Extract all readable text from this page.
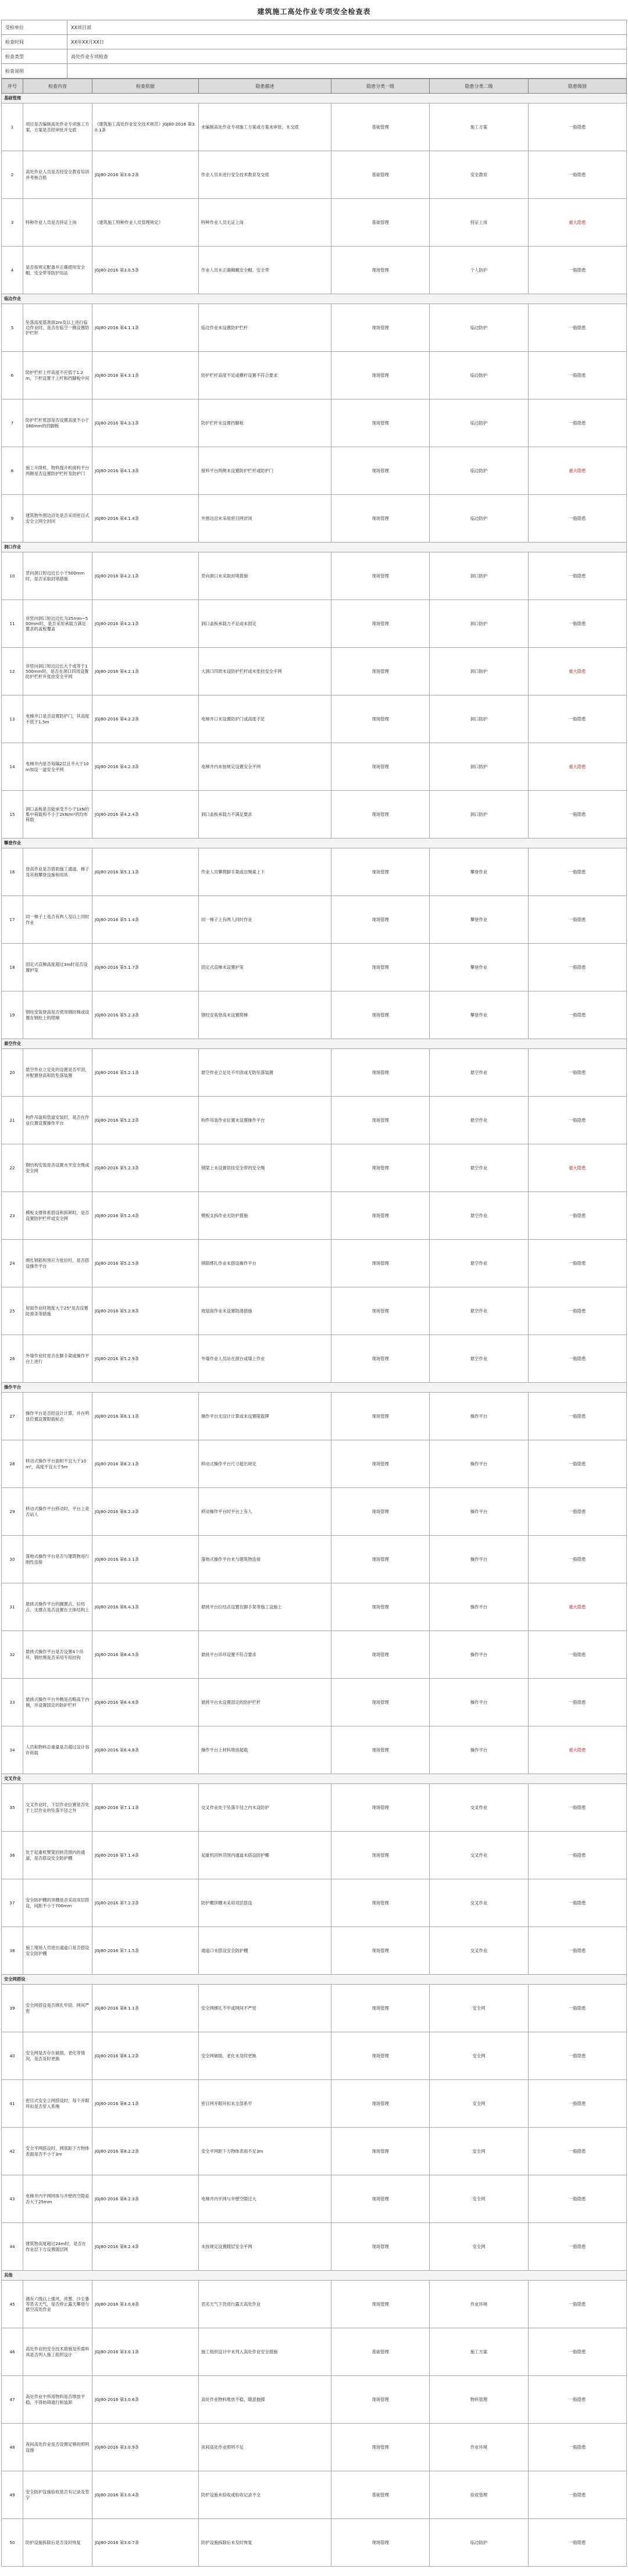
建筑施工高处作业专项安全检查表
受检单位	XX项目部
检查时间	XX年XX月XX日
检查类型	高处作业专项检查
检查说明	
序号	检查内容	检查依据	隐患描述	隐患分类一级	隐患分类二级	隐患级别
基础管理						
1	项目是否编制高处作业专项施工方案，方案是否经审批并交底	《建筑施工高处作业安全技术规范》JGJ80-2016 第3.0.1条	未编制高处作业专项施工方案或方案未审批、未交底	基础管理	施工方案	一般隐患
2	高处作业人员是否经安全教育培训并考核合格	JGJ80-2016 第3.0.2条	作业人员未进行安全技术教育及交底	基础管理	安全教育	一般隐患
3	特种作业人员是否持证上岗	《建筑施工特种作业人员管理规定》	特种作业人员无证上岗	基础管理	持证上岗	重大隐患
4	是否按规定配备并正确使用安全帽、安全带等防护用品	JGJ80-2016 第3.0.5条	作业人员未正确佩戴安全帽、安全带	现场管理	个人防护	一般隐患
临边作业						
5	坠落高度基准面2m及以上进行临边作业时，是否在临空一侧设置防护栏杆	JGJ80-2016 第4.1.1条	临边作业未设置防护栏杆	现场管理	临边防护	一般隐患
6	防护栏杆上杆高度不应低于1.2m，下杆设置于上杆和挡脚板中间	JGJ80-2016 第4.3.1条	防护栏杆高度不足或横杆设置不符合要求	现场管理	临边防护	一般隐患
7	防护栏杆底部是否设置高度不小于180mm的挡脚板	JGJ80-2016 第4.3.1条	防护栏杆未设置挡脚板	现场管理	临边防护	一般隐患
8	施工升降机、物料提升机接料平台两侧是否设置防护栏杆及防护门	JGJ80-2016 第4.1.3条	接料平台两侧未设置防护栏杆或防护门	现场管理	临边防护	重大隐患
9	建筑物外围边沿处是否采用密目式安全立网全封闭	JGJ80-2016 第4.1.4条	外围边沿未采用密目网封闭	现场管理	临边防护	一般隐患
洞口作业						
10	竖向洞口短边边长小于500mm时，是否采取封堵措施	JGJ80-2016 第4.2.1条	竖向洞口未采取封堵措施	现场管理	洞口防护	一般隐患
11	非竖向洞口短边边长为25mm~500mm时，是否采用承载力满足要求的盖板覆盖	JGJ80-2016 第4.2.1条	洞口盖板承载力不足或未固定	现场管理	洞口防护	一般隐患
12	非竖向洞口短边边长大于或等于1500mm时，是否在洞口四周设置防护栏杆并张挂安全平网	JGJ80-2016 第4.2.1条	大洞口四周未设防护栏杆或未张挂安全平网	现场管理	洞口防护	重大隐患
13	电梯井口是否设置防护门，其高度不低于1.5m	JGJ80-2016 第4.2.2条	电梯井口未设置防护门或高度不足	现场管理	洞口防护	一般隐患
14	电梯井内是否每隔2层且不大于10m加设一道安全平网	JGJ80-2016 第4.2.3条	电梯井内未按规定设置安全平网	现场管理	洞口防护	重大隐患
15	洞口盖板是否能承受不小于1kN的集中荷载和不小于2kN/m²的均布荷载	JGJ80-2016 第4.2.4条	洞口盖板承载力不满足要求	现场管理	洞口防护	一般隐患
攀登作业						
16	登高作业是否借助施工通道、梯子及其他攀登设施和用具	JGJ80-2016 第5.1.1条	作业人员攀爬脚手架或沿绳索上下	现场管理	攀登作业	一般隐患
17	同一梯子上是否有两人及以上同时作业	JGJ80-2016 第5.1.4条	同一梯子上有两人同时作业	现场管理	攀登作业	一般隐患
18	固定式直梯高度超过3m时是否设置护笼	JGJ80-2016 第5.1.7条	固定式直梯未设置护笼	现场管理	攀登作业	一般隐患
19	钢柱安装登高是否使用钢挂梯或设置在钢柱上的爬梯	JGJ80-2016 第5.2.3条	钢柱安装登高未设置爬梯	现场管理	攀登作业	一般隐患
悬空作业						
20	悬空作业立足处的设置是否牢固，并配置登高和防坠落装置	JGJ80-2016 第5.2.1条	悬空作业立足处不牢固或无防坠落装置	现场管理	悬空作业	一般隐患
21	构件吊装和管道安装时，是否在作业位置设置操作平台	JGJ80-2016 第5.2.2条	构件吊装作业位置未设置操作平台	现场管理	悬空作业	一般隐患
22	钢结构安装是否设置水平安全绳或安全网	JGJ80-2016 第5.2.3条	钢梁上未设置供挂安全带的安全绳	现场管理	悬空作业	重大隐患
23	模板支撑体系搭设和拆卸时，是否设置防护栏杆或安全网	JGJ80-2016 第5.2.4条	模板支拆作业无防护措施	现场管理	悬空作业	一般隐患
24	绑扎钢筋和预应力张拉时，是否搭设操作平台	JGJ80-2016 第5.2.5条	钢筋绑扎作业未搭设操作平台	现场管理	悬空作业	一般隐患
25	屋面作业时坡度大于25°是否设置防滑条等措施	JGJ80-2016 第5.2.8条	坡屋面作业未设置防滑措施	现场管理	悬空作业	一般隐患
26	外墙作业时是否在脚手架或操作平台上进行	JGJ80-2016 第5.2.9条	外墙作业人员站在窗台或墙上作业	现场管理	悬空作业	一般隐患
操作平台						
27	操作平台是否经设计计算，并在明显位置设置限载标志	JGJ80-2016 第6.1.1条	操作平台无设计计算或未设置限载牌	现场管理	操作平台	一般隐患
28	移动式操作平台面积不宜大于10m²，高度不宜大于5m	JGJ80-2016 第6.2.1条	移动式操作平台尺寸超出规定	现场管理	操作平台	一般隐患
29	移动式操作平台移动时，平台上是否站人	JGJ80-2016 第6.2.3条	移动操作平台时平台上有人	现场管理	操作平台	一般隐患
30	落地式操作平台是否与建筑物进行刚性连接	JGJ80-2016 第6.3.1条	落地式操作平台未与建筑物连接	现场管理	操作平台	一般隐患
31	悬挑式操作平台的搁置点、拉结点、支撑点是否设置在主体结构上	JGJ80-2016 第6.4.1条	悬挑平台拉结点设置在脚手架等施工设施上	现场管理	操作平台	重大隐患
32	悬挑式操作平台是否设置4个吊环，钢丝绳是否采用专用挂钩	JGJ80-2016 第6.4.5条	悬挑平台吊环设置不符合要求	现场管理	操作平台	一般隐患
33	悬挑式操作平台外侧是否略高于内侧，并设置固定的防护栏杆	JGJ80-2016 第6.4.6条	悬挑平台未设置固定的防护栏杆	现场管理	操作平台	一般隐患
34	人员和物料总重量是否超过设计容许荷载	JGJ80-2016 第6.4.8条	操作平台上材料堆放超载	现场管理	操作平台	重大隐患
交叉作业						
35	交叉作业时，下层作业位置是否处于上层作业的坠落半径之外	JGJ80-2016 第7.1.1条	交叉作业处于坠落半径之内未设防护	现场管理	交叉作业	一般隐患
36	处于起重机臂架回转范围内的通道，是否搭设安全防护棚	JGJ80-2016 第7.1.4条	起重机回转范围内通道未搭设防护棚	现场管理	交叉作业	一般隐患
37	安全防护棚的顶棚是否采用双层搭设，间距不小于700mm	JGJ80-2016 第7.2.2条	防护棚顶棚未采用双层搭设	现场管理	交叉作业	一般隐患
38	施工现场人员进出通道口是否搭设安全防护棚	JGJ80-2016 第7.1.5条	通道口未搭设安全防护棚	现场管理	交叉作业	一般隐患
安全网搭设						
39	安全网搭设是否绑扎牢固、网间严密	JGJ80-2016 第8.1.1条	安全网绑扎不牢或网间不严密	现场管理	安全网	一般隐患
40	安全网是否存在破损、老化等情况，是否及时更换	JGJ80-2016 第8.1.2条	安全网破损、老化未及时更换	现场管理	安全网	一般隐患
41	密目式安全立网搭设时，每个开眼环扣是否穿入系绳	JGJ80-2016 第8.2.1条	密目网开眼环扣未全部系牢	现场管理	安全网	一般隐患
42	安全平网搭设时，网底距下方物体表面是否不小于3m	JGJ80-2016 第8.2.2条	安全平网距下方物体表面不足3m	现场管理	安全网	一般隐患
43	电梯井内平网网体与井壁的空隙是否大于25mm	JGJ80-2016 第8.2.3条	电梯井内平网与井壁空隙过大	现场管理	安全网	一般隐患
44	建筑物高度超过24m时，是否在作业层下方设置随层网	JGJ80-2016 第8.2.4条	未按规定设置随层安全平网	现场管理	安全网	一般隐患
其他						
45	遇有六级以上强风、浓雾、沙尘暴等恶劣天气，是否停止露天攀登与悬空高处作业	JGJ80-2016 第3.0.8条	恶劣天气下仍进行露天高处作业	现场管理	作业环境	一般隐患
46	高处作业的安全技术措施及所需料具是否列入施工组织设计	JGJ80-2016 第3.0.1条	施工组织设计中未列入高处作业安全措施	基础管理	施工方案	一般隐患
47	高处作业中所用物料是否堆放平稳，不得妨碍通行和装卸	JGJ80-2016 第3.0.6条	高处作业物料堆放不稳、随意抛掷	现场管理	物料管理	一般隐患
48	夜间高处作业是否设置足够的照明设施	JGJ80-2016 第3.0.9条	夜间高处作业照明不足	现场管理	作业环境	一般隐患
49	安全防护设施验收是否有记录及签字	JGJ80-2016 第3.0.4条	防护设施未验收或验收记录不全	基础管理	验收管理	一般隐患
50	防护设施拆除后是否及时恢复	JGJ80-2016 第3.0.7条	防护设施拆除后未及时恢复	现场管理	临边防护	一般隐患
